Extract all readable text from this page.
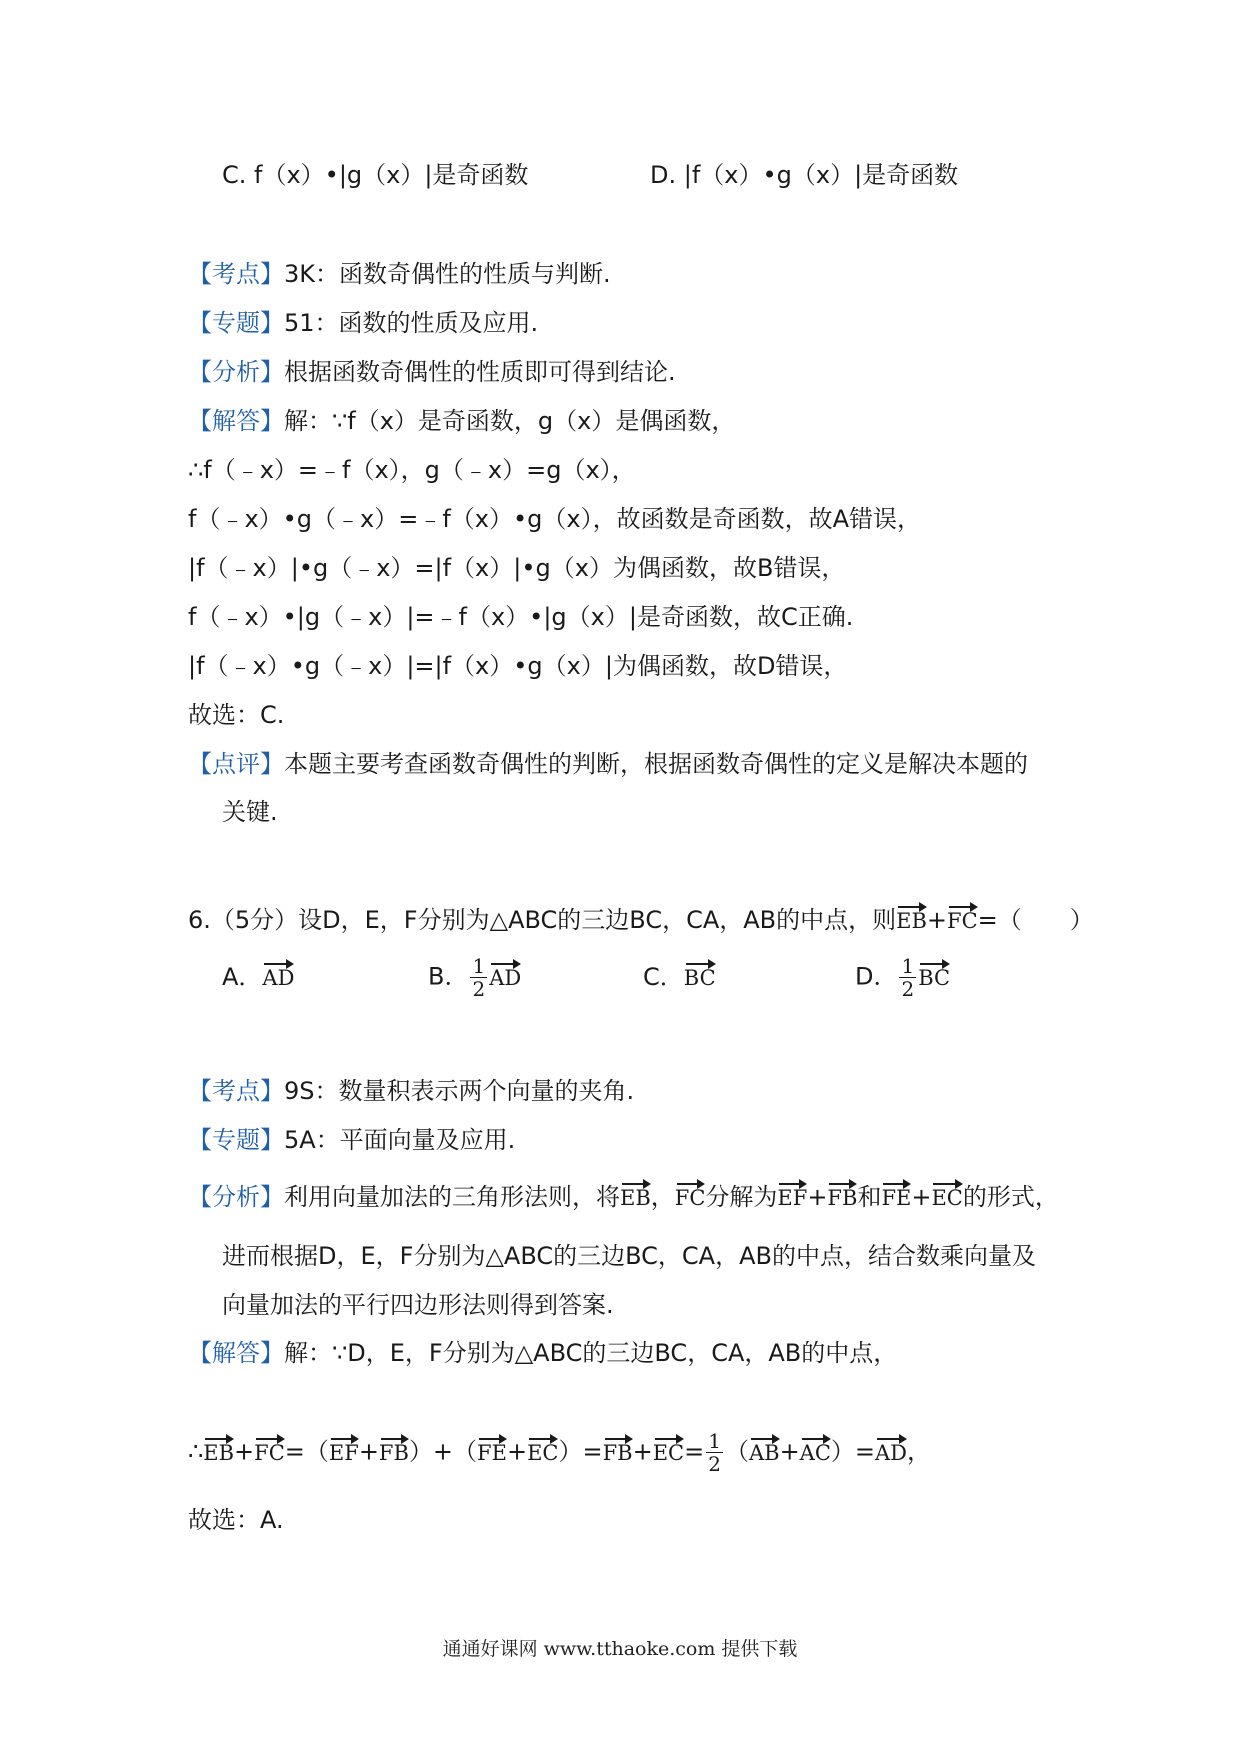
C. f（x）•|g（x）|是奇函数	D. |f（x）•g（x）|是奇函数
【考点】3K：函数奇偶性的性质与判断.
【专题】51：函数的性质及应用.
【分析】根据函数奇偶性的性质即可得到结论.
【解答】解：∵f（x）是奇函数，g（x）是偶函数，
∴f（﹣x）=﹣f（x），g（﹣x）=g（x），
f（﹣x）•g（﹣x）=﹣f（x）•g（x），故函数是奇函数，故A错误，
|f（﹣x）|•g（﹣x）=|f（x）|•g（x）为偶函数，故B错误，
f（﹣x）•|g（﹣x）|=﹣f（x）•|g（x）|是奇函数，故C正确.
|f（﹣x）•g（﹣x）|=|f（x）•g（x）|为偶函数，故D错误，
故选：C.
【点评】本题主要考查函数奇偶性的判断，根据函数奇偶性的定义是解决本题的
关键.
6.（5分）设D，E，F分别为△ABC的三边BC，CA，AB的中点，则EB+FC=（　　）
A．AD	B． $\frac{1}{2}$ AD	C．BC	D． $\frac{1}{2}$ BC
【考点】9S：数量积表示两个向量的夹角.
【专题】5A：平面向量及应用.
【分析】利用向量加法的三角形法则，将EB，FC分解为EF+FB和FE+EC的形式，
进而根据D，E，F分别为△ABC的三边BC，CA，AB的中点，结合数乘向量及
向量加法的平行四边形法则得到答案.
【解答】解：∵D，E，F分别为△ABC的三边BC，CA，AB的中点，
∴EB+FC=（EF+FB）+（FE+EC）=FB+EC= $\frac{1}{2} (AB+AC)=AD$，
故选：A.
通通好课网 www.tthaoke.com 提供下载
